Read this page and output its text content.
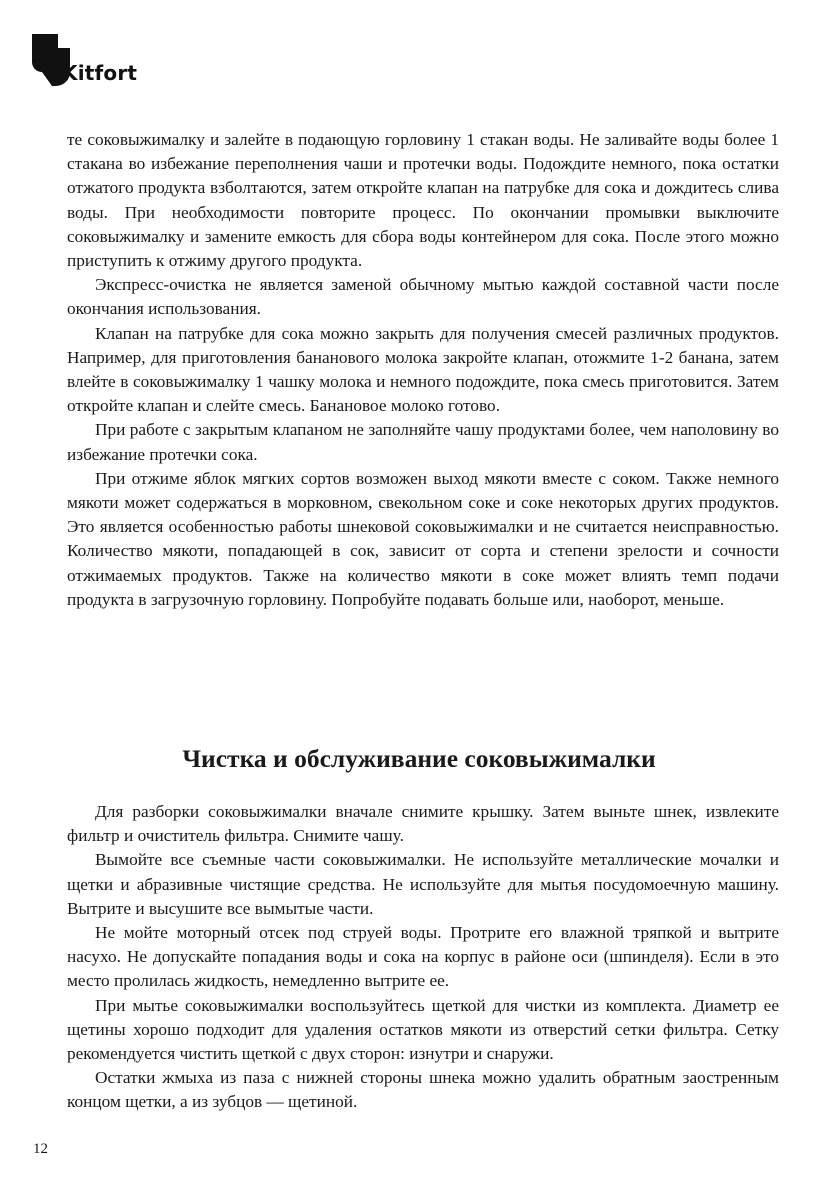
Kitfort

те соковыжималку и залейте в подающую горловину 1 стакан воды. Не заливайте воды более 1 стакана во избежание переполнения чаши и протечки воды. Подождите немного, пока остатки отжатого продукта взболтаются, затем откройте клапан на патрубке для сока и дождитесь слива воды. При необходимости повторите процесс. По окончании промывки выключите соковыжималку и замените емкость для сбора воды контейнером для сока. После этого можно приступить к отжиму другого продукта.

Экспресс-очистка не является заменой обычному мытью каждой составной части после окончания использования.

Клапан на патрубке для сока можно закрыть для получения смесей различных продуктов. Например, для приготовления бананового молока закройте клапан, отожмите 1-2 банана, затем влейте в соковыжималку 1 чашку молока и немного подождите, пока смесь приготовится. Затем откройте клапан и слейте смесь. Банановое молоко готово.

При работе с закрытым клапаном не заполняйте чашу продуктами более, чем наполовину во избежание протечки сока.

При отжиме яблок мягких сортов возможен выход мякоти вместе с соком. Также немного мякоти может содержаться в морковном, свекольном соке и соке некоторых других продуктов. Это является особенностью работы шнековой соковыжималки и не считается неисправностью. Количество мякоти, попадающей в сок, зависит от сорта и степени зрелости и сочности отжимаемых продуктов. Также на количество мякоти в соке может влиять темп подачи продукта в загрузочную горловину. Попробуйте подавать больше или, наоборот, меньше.

Чистка и обслуживание соковыжималки

Для разборки соковыжималки вначале снимите крышку. Затем выньте шнек, извлеките фильтр и очиститель фильтра. Снимите чашу.

Вымойте все съемные части соковыжималки. Не используйте металлические мочалки и щетки и абразивные чистящие средства. Не используйте для мытья посудомоечную машину. Вытрите и высушите все вымытые части.

Не мойте моторный отсек под струей воды. Протрите его влажной тряпкой и вытрите насухо. Не допускайте попадания воды и сока на корпус в районе оси (шпинделя). Если в это место пролилась жидкость, немедленно вытрите ее.

При мытье соковыжималки воспользуйтесь щеткой для чистки из комплекта. Диаметр ее щетины хорошо подходит для удаления остатков мякоти из отверстий сетки фильтра. Сетку рекомендуется чистить щеткой с двух сторон: изнутри и снаружи.

Остатки жмыха из паза с нижней стороны шнека можно удалить обратным заостренным концом щетки, а из зубцов — щетиной.

12
